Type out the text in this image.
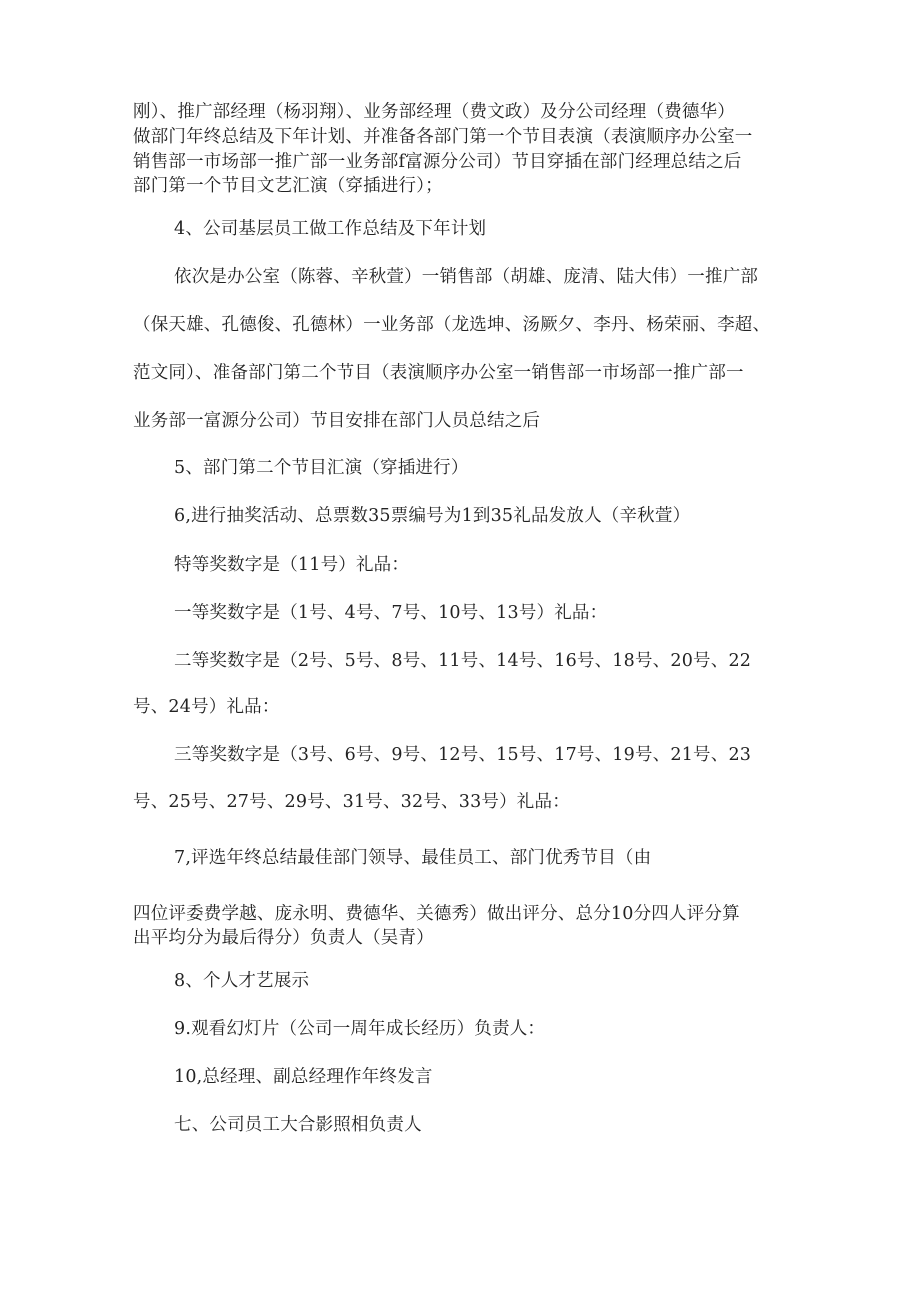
刚）、推广部经理（杨羽翔）、业务部经理（费文政）及分公司经理（费德华）
做部门年终总结及下年计划、并准备各部门第一个节目表演（表演顺序办公室一
销售部一市场部一推广部一业务部f富源分公司）节目穿插在部门经理总结之后
部门第一个节目文艺汇演（穿插进行）；
4、公司基层员工做工作总结及下年计划
依次是办公室（陈蓉、辛秋萱）一销售部（胡雄、庞清、陆大伟）一推广部
（保天雄、孔德俊、孔德林）一业务部（龙选坤、汤厥夕、李丹、杨荣丽、李超、
范文同）、准备部门第二个节目（表演顺序办公室一销售部一市场部一推广部一
业务部一富源分公司）节目安排在部门人员总结之后
5、部门第二个节目汇演（穿插进行）
6,进行抽奖活动、总票数35票编号为1到35礼品发放人（辛秋萱）
特等奖数字是（11号）礼品：
一等奖数字是（1号、4号、7号、10号、13号）礼品：
二等奖数字是（2号、5号、8号、11号、14号、16号、18号、20号、22
号、24号）礼品：
三等奖数字是（3号、6号、9号、12号、15号、17号、19号、21号、23
号、25号、27号、29号、31号、32号、33号）礼品：
7,评选年终总结最佳部门领导、最佳员工、部门优秀节目（由
四位评委费学越、庞永明、费德华、关德秀）做出评分、总分10分四人评分算
出平均分为最后得分）负责人（吴青）
8、个人才艺展示
9.观看幻灯片（公司一周年成长经历）负责人：
10,总经理、副总经理作年终发言
七、公司员工大合影照相负责人
